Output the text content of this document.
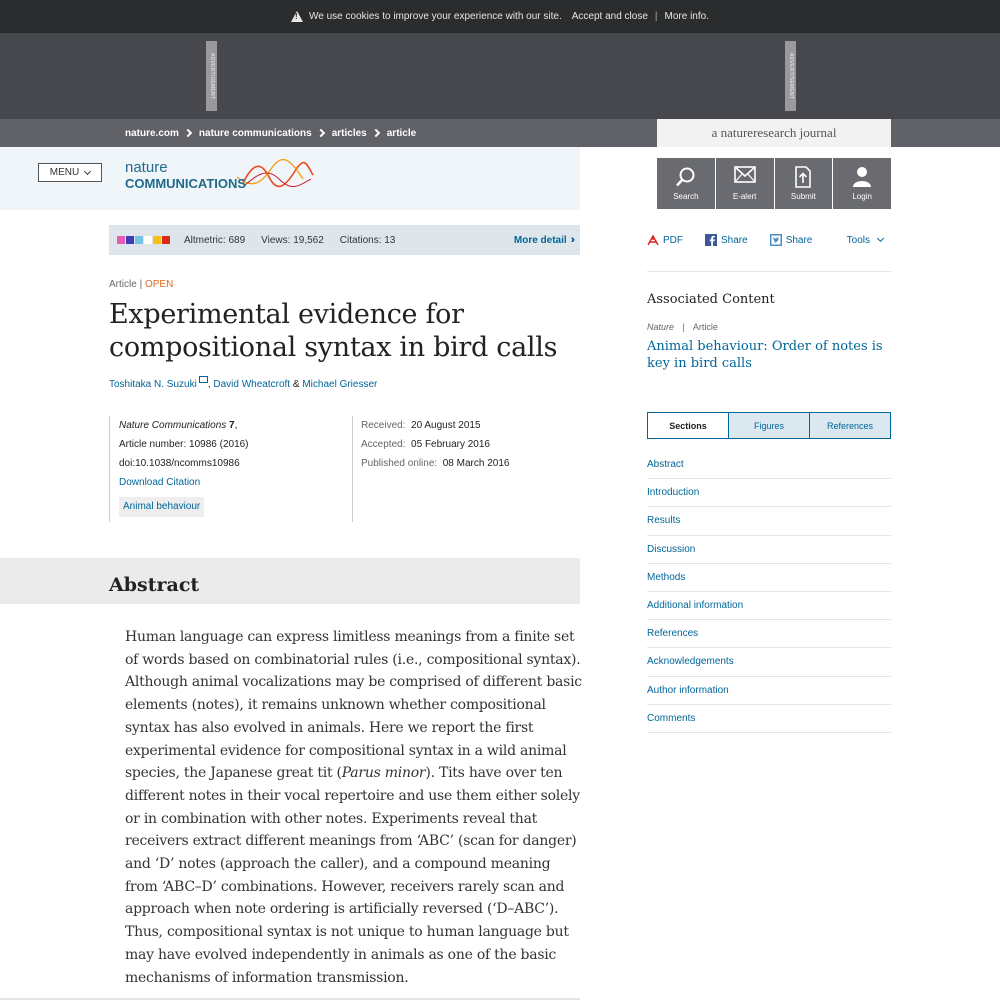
!
We use cookies to improve your experience with our site. Accept and close | More info.
ADVERTISEMENT	ADVERTISEMENT
nature.com nature communications articles article	a natureresearch journal
MENU	nature
COMMUNICATIONS
Search	E-alert	Submit	Login
Altmetric: 689 Views: 19,562 Citations: 13	More detail ››	PDF	Share	Share	Tools
Article | OPEN
Experimental evidence for compositional syntax in bird calls
Toshitaka N. Suzuki , David Wheatcroft & Michael Griesser
Nature Communications 7,
Article number: 10986 (2016)
doi:10.1038/ncomms10986
Download Citation
Animal behaviour
Received: 20 August 2015
Accepted: 05 February 2016
Published online: 08 March 2016
Associated Content
Nature | Article
Animal behaviour: Order of notes is key in bird calls
Sections	Figures	References
Abstract
Introduction
Results
Discussion
Methods
Additional information
References
Acknowledgements
Author information
Comments
Abstract

Human language can express limitless meanings from a finite set of words based on combinatorial rules (i.e., compositional syntax). Although animal vocalizations may be comprised of different basic elements (notes), it remains unknown whether compositional syntax has also evolved in animals. Here we report the first experimental evidence for compositional syntax in a wild animal species, the Japanese great tit (Parus minor). Tits have over ten different notes in their vocal repertoire and use them either solely or in combination with other notes. Experiments reveal that receivers extract different meanings from ‘ABC’ (scan for danger) and ‘D’ notes (approach the caller), and a compound meaning from ‘ABC–D’ combinations. However, receivers rarely scan and approach when note ordering is artificially reversed (‘D–ABC’). Thus, compositional syntax is not unique to human language but may have evolved independently in animals as one of the basic mechanisms of information transmission.
